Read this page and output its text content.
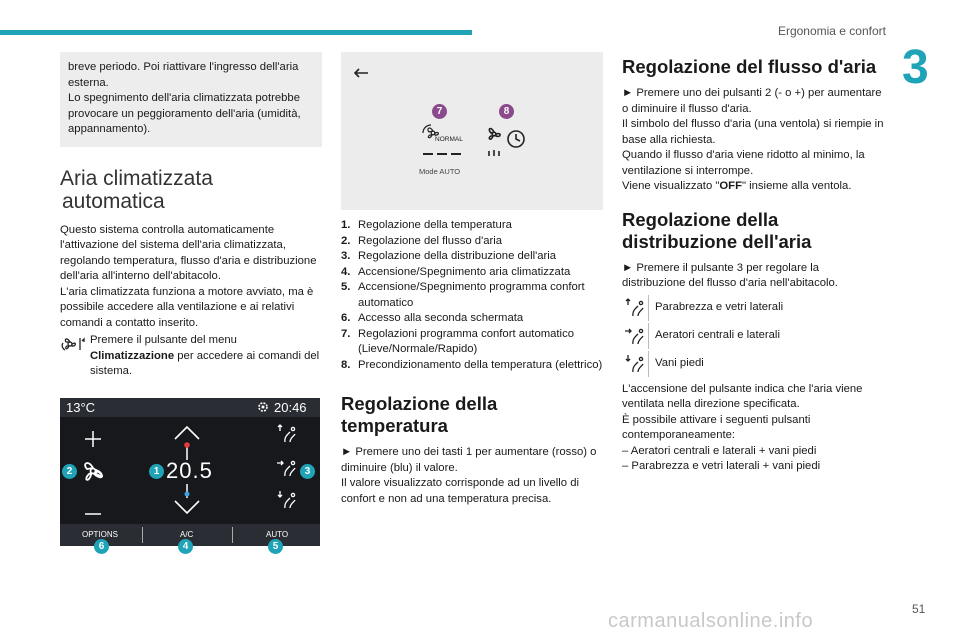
Ergonomia e confort
3
51
carmanualsonline.info

breve periodo. Poi riattivare l'ingresso dell'aria esterna.

Lo spegnimento dell'aria climatizzata potrebbe provocare un peggioramento dell'aria (umidità, appannamento).

Aria climatizzata
automatica

Questo sistema controlla automaticamente l'attivazione del sistema dell'aria climatizzata, regolando temperatura, flusso d'aria e distribuzione dell'aria all'interno dell'abitacolo.

L'aria climatizzata funziona a motore avviato, ma è possibile accedere alla ventilazione e ai relativi comandi a contatto inserito.

Premere il pulsante del menu Climatizzazione per accedere ai comandi del sistema.

13°C	20:46
20.5
OPTIONS	A/C	AUTO
1
2	3
4	5
6
7	8
NORMAL
Mode AUTO
1. Regolazione della temperatura
2. Regolazione del flusso d'aria
3. Regolazione della distribuzione dell'aria
4. Accensione/Spegnimento aria climatizzata
5. Accensione/Spegnimento programma confort automatico
6. Accesso alla seconda schermata
7. Regolazioni programma confort automatico (Lieve/Normale/Rapido)
8. Precondizionamento della temperatura (elettrico)
Regolazione della temperatura

► Premere uno dei tasti 1 per aumentare (rosso) o diminuire (blu) il valore.

Il valore visualizzato corrisponde ad un livello di confort e non ad una temperatura precisa.

Regolazione del flusso d'aria

► Premere uno dei pulsanti 2 (- o +) per aumentare o diminuire il flusso d'aria.

Il simbolo del flusso d'aria (una ventola) si riempie in base alla richiesta.

Quando il flusso d'aria viene ridotto al minimo, la ventilazione si interrompe.

Viene visualizzato "OFF" insieme alla ventola.

Regolazione della distribuzione dell'aria

► Premere il pulsante 3 per regolare la distribuzione del flusso d'aria nell'abitacolo.

Parabrezza e vetri laterali
Aeratori centrali e laterali
Vani piedi

L'accensione del pulsante indica che l'aria viene ventilata nella direzione specificata.

È possibile attivare i seguenti pulsanti contemporaneamente:

– Aeratori centrali e laterali + vani piedi

– Parabrezza e vetri laterali + vani piedi
